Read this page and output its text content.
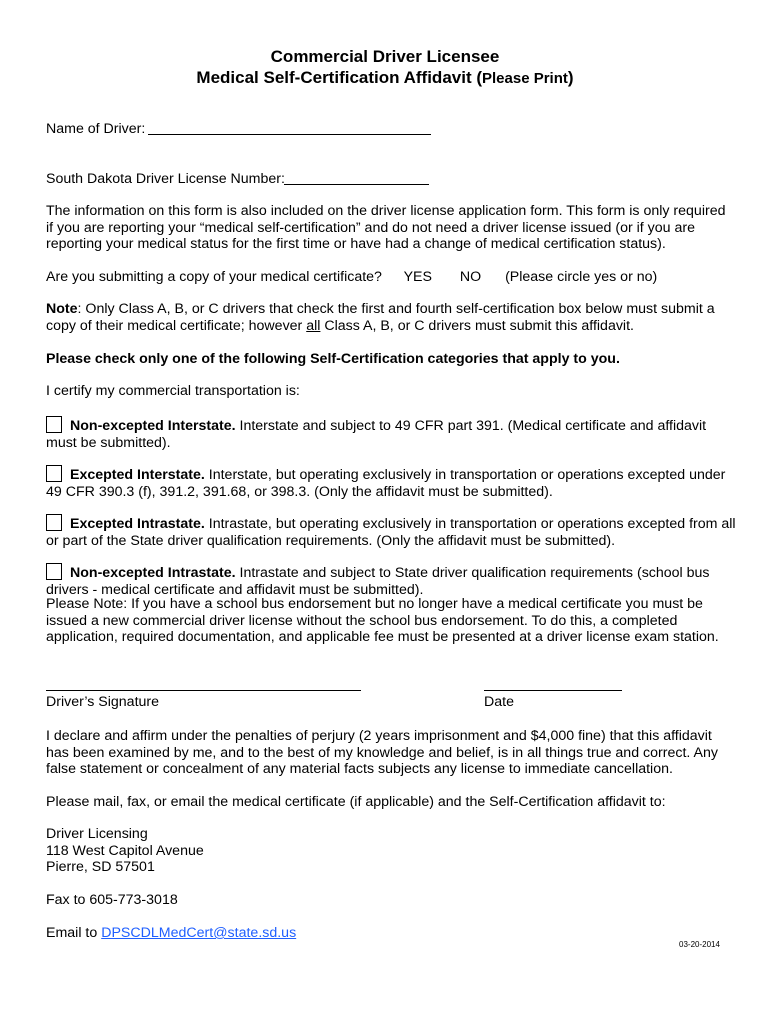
Commercial Driver Licensee
Medical Self-Certification Affidavit (Please Print)
Name of Driver:
South Dakota Driver License Number:
The information on this form is also included on the driver license application form. This form is only required if you are reporting your “medical self-certification” and do not need a driver license issued (or if you are reporting your medical status for the first time or have had a change of medical certification status).
Are you submitting a copy of your medical certificate? YES NO (Please circle yes or no)
Note: Only Class A, B, or C drivers that check the first and fourth self-certification box below must submit a copy of their medical certificate; however all Class A, B, or C drivers must submit this affidavit.
Please check only one of the following Self-Certification categories that apply to you.
I certify my commercial transportation is:
Non-excepted Interstate. Interstate and subject to 49 CFR part 391. (Medical certificate and affidavit must be submitted).
Excepted Interstate. Interstate, but operating exclusively in transportation or operations excepted under 49 CFR 390.3 (f), 391.2, 391.68, or 398.3. (Only the affidavit must be submitted).
Excepted Intrastate. Intrastate, but operating exclusively in transportation or operations excepted from all or part of the State driver qualification requirements. (Only the affidavit must be submitted).
Non-excepted Intrastate. Intrastate and subject to State driver qualification requirements (school bus drivers - medical certificate and affidavit must be submitted).
Please Note: If you have a school bus endorsement but no longer have a medical certificate you must be issued a new commercial driver license without the school bus endorsement. To do this, a completed application, required documentation, and applicable fee must be presented at a driver license exam station.
Driver’s Signature	Date
I declare and affirm under the penalties of perjury (2 years imprisonment and $4,000 fine) that this affidavit has been examined by me, and to the best of my knowledge and belief, is in all things true and correct. Any false statement or concealment of any material facts subjects any license to immediate cancellation.
Please mail, fax, or email the medical certificate (if applicable) and the Self-Certification affidavit to:
Driver Licensing
118 West Capitol Avenue
Pierre, SD 57501
Fax to 605-773-3018
Email to DPSCDLMedCert@state.sd.us
03-20-2014
